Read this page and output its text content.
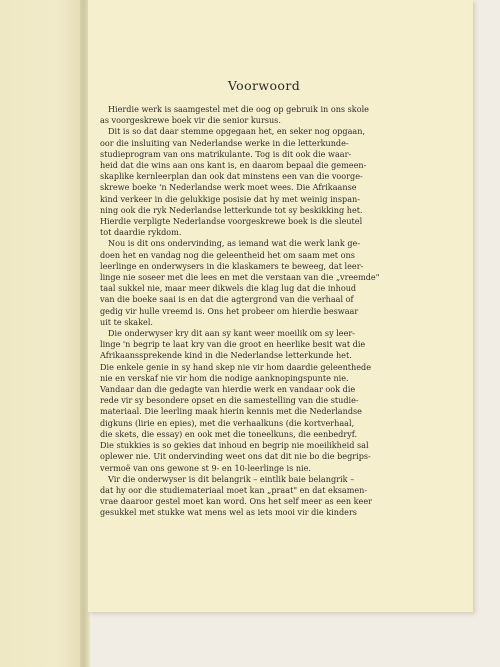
Voorwoord

Hierdie werk is saamgestel met die oog op gebruik in ons skole
as voorgeskrewe boek vir die senior kursus.

Dit is so dat daar stemme opgegaan het, en seker nog opgaan,
oor die insluiting van Nederlandse werke in die letterkunde-
studieprogram van ons matrikulante. Tog is dit ook die waar-
heid dat die wins aan ons kant is, en daarom bepaal die gemeen-
skaplike kernleerplan dan ook dat minstens een van die voorge-
skrewe boeke 'n Nederlandse werk moet wees. Die Afrikaanse
kind verkeer in die gelukkige posisie dat hy met weinig inspan-
ning ook die ryk Nederlandse letterkunde tot sy beskikking het.
Hierdie verpligte Nederlandse voorgeskrewe boek is die sleutel
tot daardie rykdom.

Nou is dit ons ondervinding, as iemand wat die werk lank ge-
doen het en vandag nog die geleentheid het om saam met ons
leerlinge en onderwysers in die klaskamers te beweeg, dat leer-
linge nie soseer met die lees en met die verstaan van die „vreemde"
taal sukkel nie, maar meer dikwels die klag lug dat die inhoud
van die boeke saai is en dat die agtergrond van die verhaal of
gedig vir hulle vreemd is. Ons het probeer om hierdie beswaar
uit te skakel.

Die onderwyser kry dit aan sy kant weer moeilik om sy leer-
linge 'n begrip te laat kry van die groot en heerlike besit wat die
Afrikaanssprekende kind in die Nederlandse letterkunde het.
Die enkele genie in sy hand skep nie vir hom daardie geleenthede
nie en verskaf nie vir hom die nodige aanknopingspunte nie.
Vandaar dan die gedagte van hierdie werk en vandaar ook die
rede vir sy besondere opset en die samestelling van die studie-
materiaal. Die leerling maak hierin kennis met die Nederlandse
digkuns (lirie en epies), met die verhaalkuns (die kortverhaal,
die skets, die essay) en ook met die toneelkuns, die eenbedryf.
Die stukkies is so gekies dat inhoud en begrip nie moeilikheid sal
oplewer nie. Uit ondervinding weet ons dat dit nie bo die begrips-
vermoë van ons gewone st 9- en 10-leerlinge is nie.

Vir die onderwyser is dit belangrik – eintlik baie belangrik –
dat hy oor die studiemateriaal moet kan „praat" en dat eksamen-
vrae daaroor gestel moet kan word. Ons het self meer as een keer
gesukkel met stukke wat mens wel as iets mooi vir die kinders
